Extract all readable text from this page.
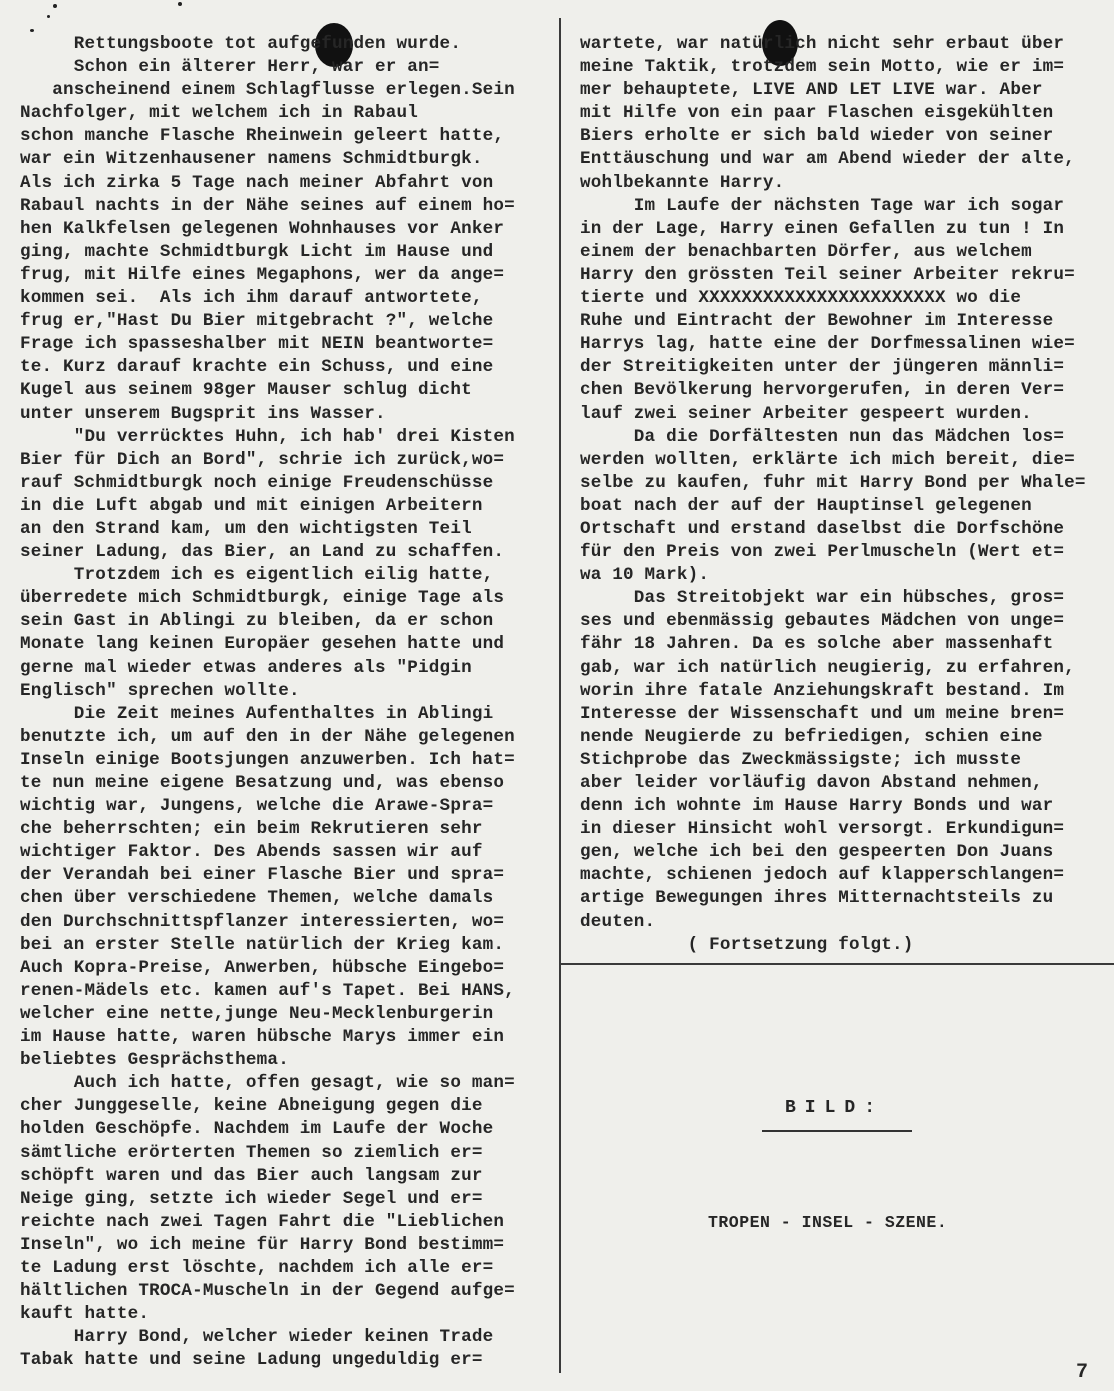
Rettungsboote tot aufgefunden wurde.
Schon ein älterer Herr, war er an=
anscheinend einem Schlagflusse erlegen.Sein
Nachfolger, mit welchem ich in Rabaul
schon manche Flasche Rheinwein geleert hatte,
war ein Witzenhausener namens Schmidtburgk.
Als ich zirka 5 Tage nach meiner Abfahrt von
Rabaul nachts in der Nähe seines auf einem ho=
hen Kalkfelsen gelegenen Wohnhauses vor Anker
ging, machte Schmidtburgk Licht im Hause und
frug, mit Hilfe eines Megaphons, wer da ange=
kommen sei.  Als ich ihm darauf antwortete,
frug er,"Hast Du Bier mitgebracht ?", welche
Frage ich spasseshalber mit NEIN beantworte=
te. Kurz darauf krachte ein Schuss, und eine
Kugel aus seinem 98ger Mauser schlug dicht
unter unserem Bugsprit ins Wasser.
"Du verrücktes Huhn, ich hab' drei Kisten
Bier für Dich an Bord", schrie ich zurück,wo=
rauf Schmidtburgk noch einige Freudenschüsse
in die Luft abgab und mit einigen Arbeitern
an den Strand kam, um den wichtigsten Teil
seiner Ladung, das Bier, an Land zu schaffen.
Trotzdem ich es eigentlich eilig hatte,
überredete mich Schmidtburgk, einige Tage als
sein Gast in Ablingi zu bleiben, da er schon
Monate lang keinen Europäer gesehen hatte und
gerne mal wieder etwas anderes als "Pidgin
Englisch" sprechen wollte.
Die Zeit meines Aufenthaltes in Ablingi
benutzte ich, um auf den in der Nähe gelegenen
Inseln einige Bootsjungen anzuwerben. Ich hat=
te nun meine eigene Besatzung und, was ebenso
wichtig war, Jungens, welche die Arawe-Spra=
che beherrschten; ein beim Rekrutieren sehr
wichtiger Faktor. Des Abends sassen wir auf
der Verandah bei einer Flasche Bier und spra=
chen über verschiedene Themen, welche damals
den Durchschnittspflanzer interessierten, wo=
bei an erster Stelle natürlich der Krieg kam.
Auch Kopra-Preise, Anwerben, hübsche Eingebo=
renen-Mädels etc. kamen auf's Tapet. Bei HANS,
welcher eine nette,junge Neu-Mecklenburgerin
im Hause hatte, waren hübsche Marys immer ein
beliebtes Gesprächsthema.
Auch ich hatte, offen gesagt, wie so man=
cher Junggeselle, keine Abneigung gegen die
holden Geschöpfe. Nachdem im Laufe der Woche
sämtliche erörterten Themen so ziemlich er=
schöpft waren und das Bier auch langsam zur
Neige ging, setzte ich wieder Segel und er=
reichte nach zwei Tagen Fahrt die "Lieblichen
Inseln", wo ich meine für Harry Bond bestimm=
te Ladung erst löschte, nachdem ich alle er=
hältlichen TROCA-Muscheln in der Gegend aufge=
kauft hatte.
Harry Bond, welcher wieder keinen Trade
Tabak hatte und seine Ladung ungeduldig er=
wartete, war natürlich nicht sehr erbaut über
meine Taktik, trotzdem sein Motto, wie er im=
mer behauptete, LIVE AND LET LIVE war. Aber
mit Hilfe von ein paar Flaschen eisgekühlten
Biers erholte er sich bald wieder von seiner
Enttäuschung und war am Abend wieder der alte,
wohlbekannte Harry.
Im Laufe der nächsten Tage war ich sogar
in der Lage, Harry einen Gefallen zu tun ! In
einem der benachbarten Dörfer, aus welchem
Harry den grössten Teil seiner Arbeiter rekru=
tierte und XXXXXXXXXXXXXXXXXXXXXXX wo die
Ruhe und Eintracht der Bewohner im Interesse
Harrys lag, hatte eine der Dorfmessalinen wie=
der Streitigkeiten unter der jüngeren männli=
chen Bevölkerung hervorgerufen, in deren Ver=
lauf zwei seiner Arbeiter gespeert wurden.
Da die Dorfältesten nun das Mädchen los=
werden wollten, erklärte ich mich bereit, die=
selbe zu kaufen, fuhr mit Harry Bond per Whale=
boat nach der auf der Hauptinsel gelegenen
Ortschaft und erstand daselbst die Dorfschöne
für den Preis von zwei Perlmuscheln (Wert et=
wa 10 Mark).
Das Streitobjekt war ein hübsches, gros=
ses und ebenmässig gebautes Mädchen von unge=
fähr 18 Jahren. Da es solche aber massenhaft
gab, war ich natürlich neugierig, zu erfahren,
worin ihre fatale Anziehungskraft bestand. Im
Interesse der Wissenschaft und um meine bren=
nende Neugierde zu befriedigen, schien eine
Stichprobe das Zweckmässigste; ich musste
aber leider vorläufig davon Abstand nehmen,
denn ich wohnte im Hause Harry Bonds und war
in dieser Hinsicht wohl versorgt. Erkundigun=
gen, welche ich bei den gespeerten Don Juans
machte, schienen jedoch auf klapperschlangen=
artige Bewegungen ihres Mitternachtsteils zu
deuten.
( Fortsetzung folgt.)
BILD:
TROPEN - INSEL - SZENE.
7
